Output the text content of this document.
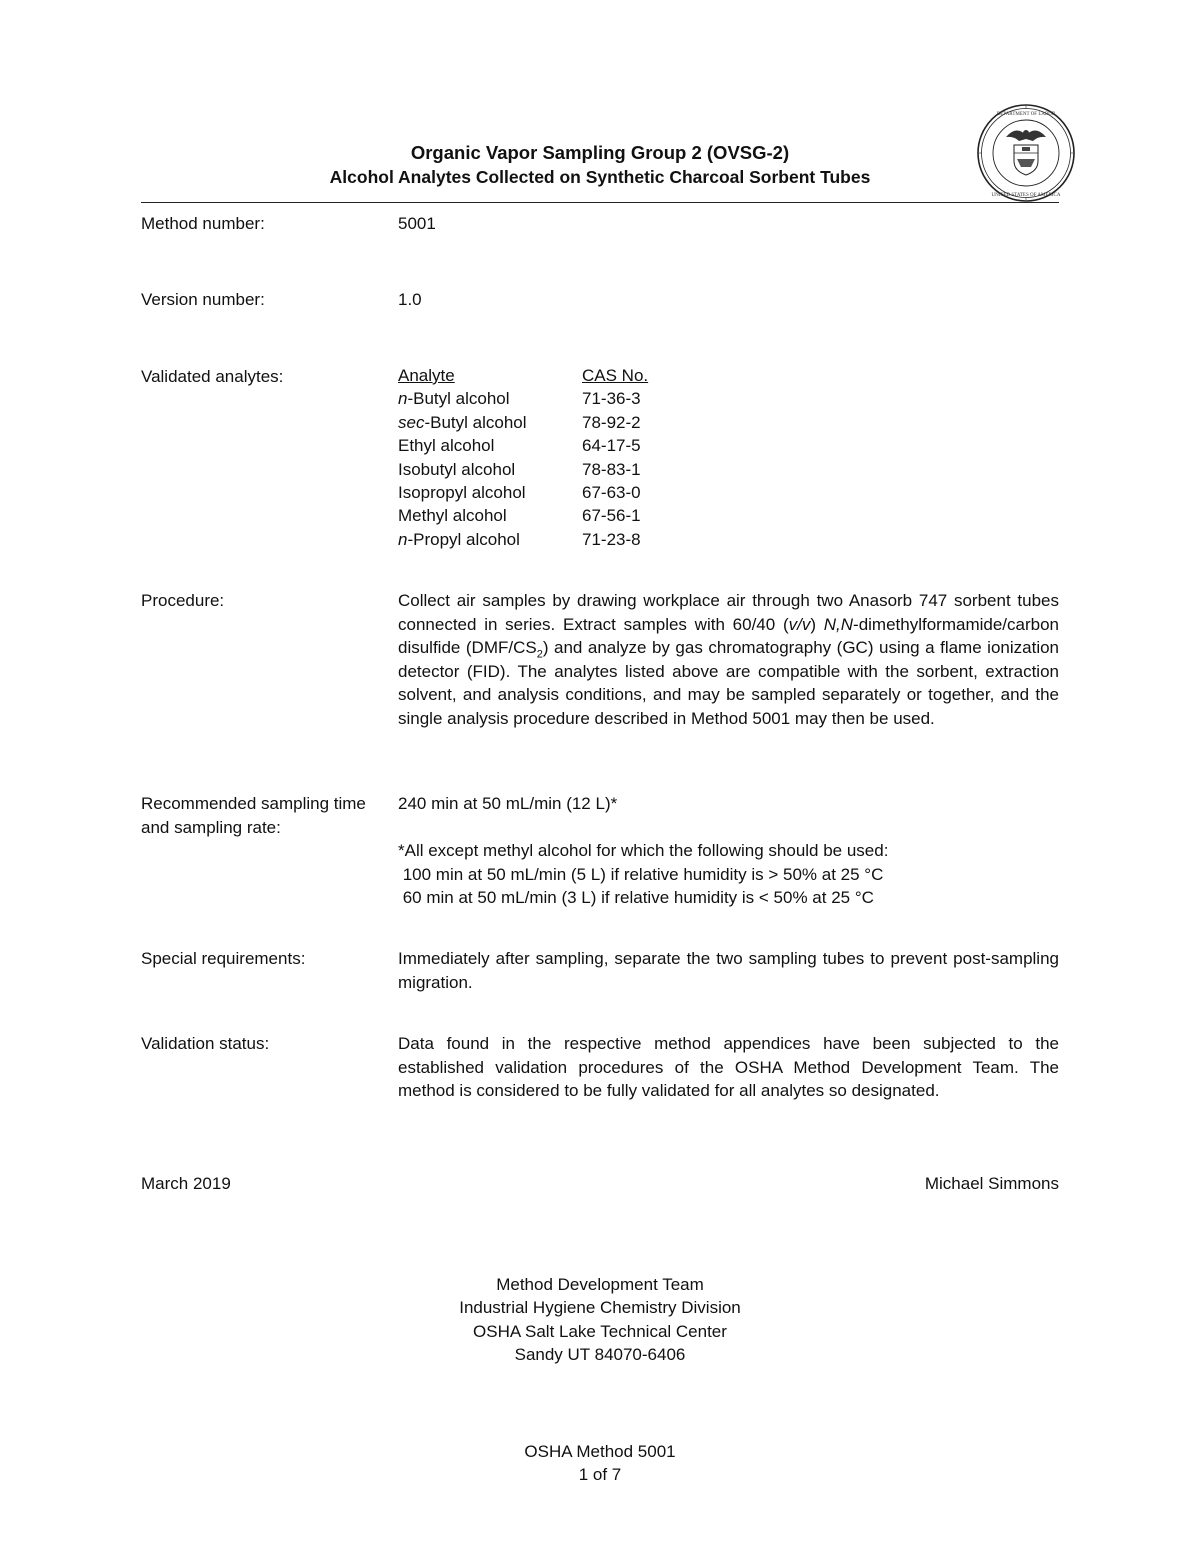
Organic Vapor Sampling Group 2 (OVSG-2)
Alcohol Analytes Collected on Synthetic Charcoal Sorbent Tubes
DEPARTMENT OF LABOR
UNITED STATES OF AMERICA
Method number:	5001
Version number:	1.0
Validated analytes:	Analyte	CAS No.
n-Butyl alcohol	71-36-3
sec-Butyl alcohol	78-92-2
Ethyl alcohol	64-17-5
Isobutyl alcohol	78-83-1
Isopropyl alcohol	67-63-0
Methyl alcohol	67-56-1
n-Propyl alcohol	71-23-8
Procedure:	Collect air samples by drawing workplace air through two Anasorb 747 sorbent tubes connected in series. Extract samples with 60/40 (v/v) N,N-dimethylformamide/carbon disulfide $(DMF/CS_2)$ and analyze by gas chromatography (GC) using a flame ionization detector (FID). The analytes listed above are compatible with the sorbent, extraction solvent, and analysis conditions, and may be sampled separately or together, and the single analysis procedure described in Method 5001 may then be used.
Recommended sampling time
and sampling rate:
240 min at 50 mL/min (12 L)*
*All except methyl alcohol for which the following should be used:
100 min at 50 mL/min (5 L) if relative humidity is > 50% at 25 °C
60 min at 50 mL/min (3 L) if relative humidity is < 50% at 25 °C
Special requirements:	Immediately after sampling, separate the two sampling tubes to prevent post-sampling migration.
Validation status:	Data found in the respective method appendices have been subjected to the established validation procedures of the OSHA Method Development Team. The method is considered to be fully validated for all analytes so designated.
March 2019	Michael Simmons
Method Development Team
Industrial Hygiene Chemistry Division
OSHA Salt Lake Technical Center
Sandy UT 84070-6406
OSHA Method 5001
1 of 7
